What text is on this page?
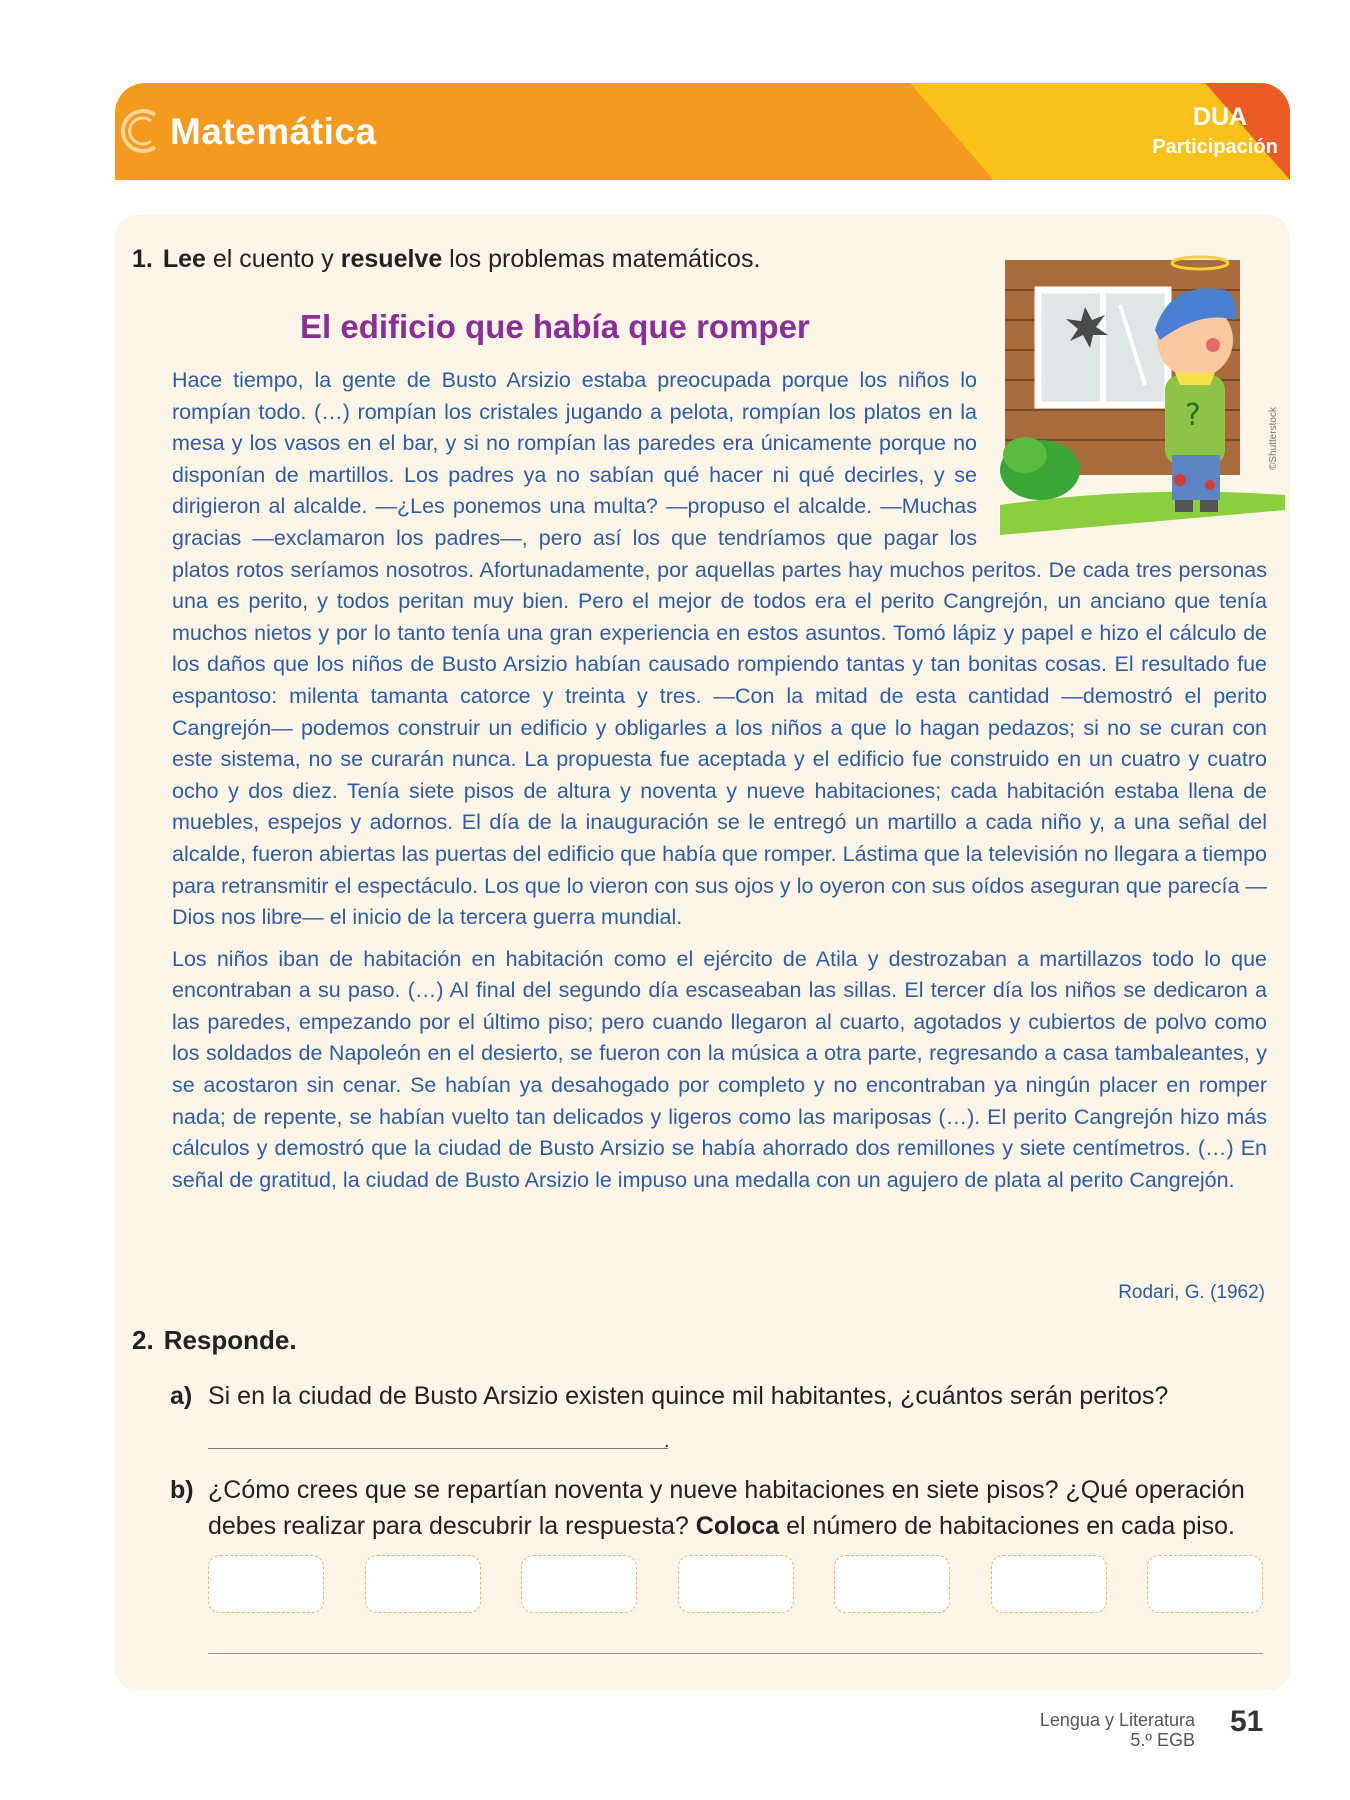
Matemática	DUA
Participación
1. Lee el cuento y resuelve los problemas matemáticos.
El edificio que había que romper
?	©Shutterstock

Hace tiempo, la gente de Busto Arsizio estaba preocupada porque los niños lo rompían todo. (…) rompían los cristales jugando a pelota, rompían los platos en la mesa y los vasos en el bar, y si no rompían las paredes era únicamente porque no disponían de martillos. Los padres ya no sabían qué hacer ni qué decirles, y se dirigieron al alcalde. —¿Les ponemos una multa? —propuso el alcalde. —Muchas gracias —exclamaron los padres—, pero así los que tendríamos que pagar los platos rotos seríamos nosotros. Afortunadamente, por aquellas partes hay muchos peritos. De cada tres personas una es perito, y todos peritan muy bien. Pero el mejor de todos era el perito Cangrejón, un anciano que tenía muchos nietos y por lo tanto tenía una gran experiencia en estos asuntos. Tomó lápiz y papel e hizo el cálculo de los daños que los niños de Busto Arsizio habían causado rompiendo tantas y tan bonitas cosas. El resultado fue espantoso: milenta tamanta catorce y treinta y tres. —Con la mitad de esta cantidad —demostró el perito Cangrejón— podemos construir un edificio y obligarles a los niños a que lo hagan pedazos; si no se curan con este sistema, no se curarán nunca. La propuesta fue aceptada y el edificio fue construido en un cuatro y cuatro ocho y dos diez. Tenía siete pisos de altura y noventa y nueve habitaciones; cada habitación estaba llena de muebles, espejos y adornos. El día de la inauguración se le entregó un martillo a cada niño y, a una señal del alcalde, fueron abiertas las puertas del edificio que había que romper. Lástima que la televisión no llegara a tiempo para retransmitir el espectáculo. Los que lo vieron con sus ojos y lo oyeron con sus oídos aseguran que parecía —Dios nos libre— el inicio de la tercera guerra mundial.

Los niños iban de habitación en habitación como el ejército de Atila y destrozaban a martillazos todo lo que encontraban a su paso. (…) Al final del segundo día escaseaban las sillas. El tercer día los niños se dedicaron a las paredes, empezando por el último piso; pero cuando llegaron al cuarto, agotados y cubiertos de polvo como los soldados de Napoleón en el desierto, se fueron con la música a otra parte, regresando a casa tambaleantes, y se acostaron sin cenar. Se habían ya desahogado por completo y no encontraban ya ningún placer en romper nada; de repente, se habían vuelto tan delicados y ligeros como las mariposas (…). El perito Cangrejón hizo más cálculos y demostró que la ciudad de Busto Arsizio se había ahorrado dos remillones y siete centímetros. (…) En señal de gratitud, la ciudad de Busto Arsizio le impuso una medalla con un agujero de plata al perito Cangrejón.

Rodari, G. (1962)
2. Responde.
a) Si en la ciudad de Busto Arsizio existen quince mil habitantes, ¿cuántos serán peritos?
.
b) ¿Cómo crees que se repartían noventa y nueve habitaciones en siete pisos? ¿Qué operación debes realizar para descubrir la respuesta? Coloca el número de habitaciones en cada piso.
Lengua y Literatura
5.º EGB
51
